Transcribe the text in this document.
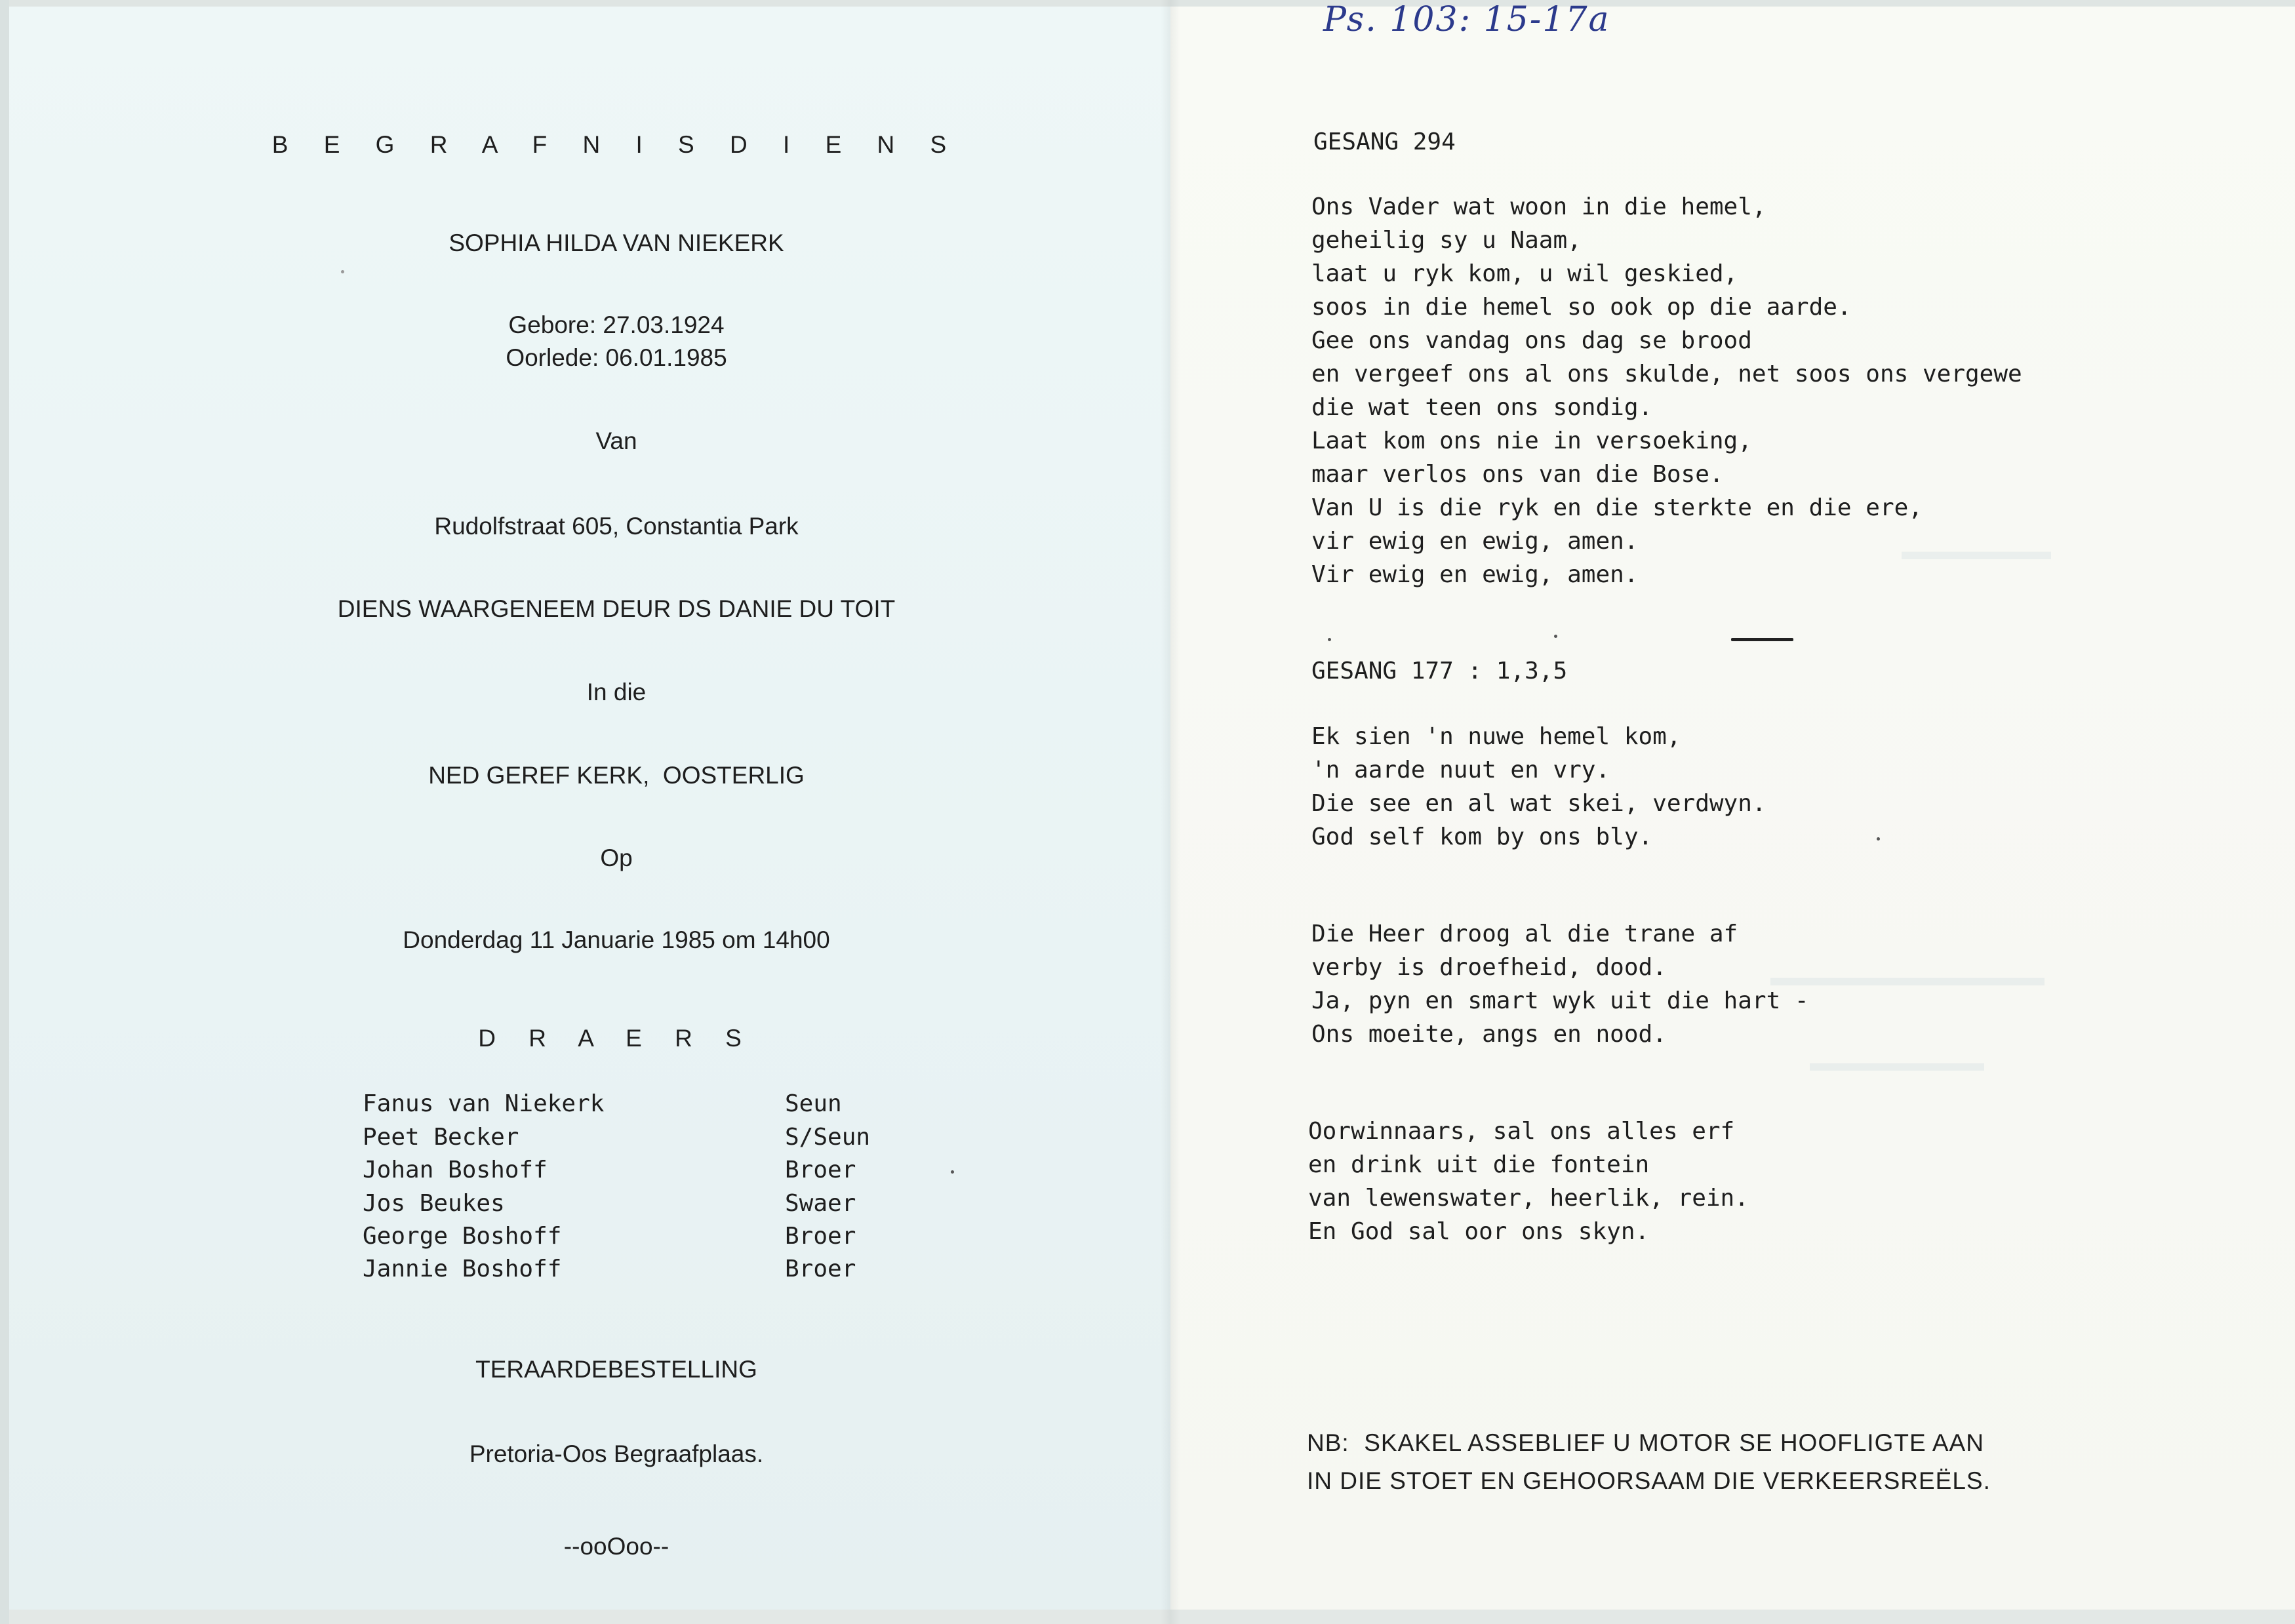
▬▬▬▬▬▬
▬▬▬▬▬▬▬▬▬▬▬
▬▬▬▬▬▬▬
B E G R A F N I S D I E N S
SOPHIA HILDA VAN NIEKERK
Gebore: 27.03.1924
Oorlede: 06.01.1985
Van
Rudolfstraat 605, Constantia Park
DIENS WAARGENEEM DEUR DS DANIE DU TOIT
In die
NED GEREF KERK,  OOSTERLIG
Op
Donderdag 11 Januarie 1985 om 14h00
D R A E R S
Fanus van Niekerk	Seun
Peet Becker	S/Seun
Johan Boshoff	Broer
Jos Beukes	Swaer
George Boshoff	Broer
Jannie Boshoff	Broer
TERAARDEBESTELLING
Pretoria-Oos Begraafplaas.
--ooOoo--
Ps. 103: 15-17a
GESANG 294
Ons Vader wat woon in die hemel,
geheilig sy u Naam,
laat u ryk kom, u wil geskied,
soos in die hemel so ook op die aarde.
Gee ons vandag ons dag se brood
en vergeef ons al ons skulde, net soos ons vergewe
die wat teen ons sondig.
Laat kom ons nie in versoeking,
maar verlos ons van die Bose.
Van U is die ryk en die sterkte en die ere,
vir ewig en ewig, amen.
Vir ewig en ewig, amen.
GESANG 177 : 1,3,5
Ek sien 'n nuwe hemel kom,
'n aarde nuut en vry.
Die see en al wat skei, verdwyn.
God self kom by ons bly.
Die Heer droog al die trane af
verby is droefheid, dood.
Ja, pyn en smart wyk uit die hart -
Ons moeite, angs en nood.
Oorwinnaars, sal ons alles erf
en drink uit die fontein
van lewenswater, heerlik, rein.
En God sal oor ons skyn.
NB:  SKAKEL ASSEBLIEF U MOTOR SE HOOFLIGTE AAN
IN DIE STOET EN GEHOORSAAM DIE VERKEERSREËLS.
